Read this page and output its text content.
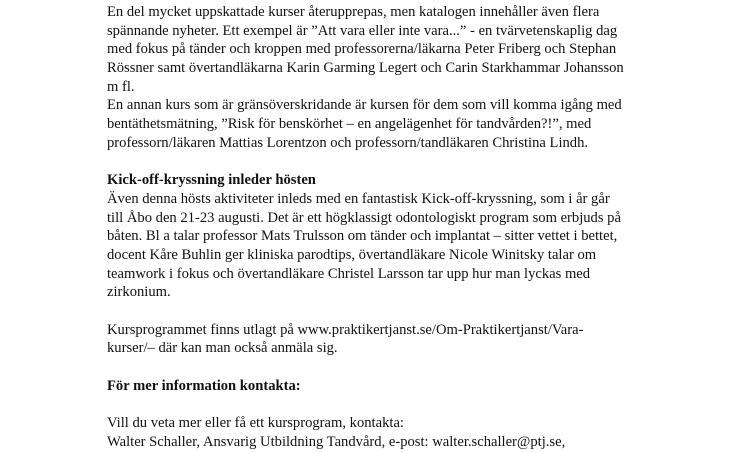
En del mycket uppskattade kurser återupprepas, men katalogen innehåller även flera
spännande nyheter. Ett exempel är ”Att vara eller inte vara...” - en tvärvetenskaplig dag
med fokus på tänder och kroppen med professorerna/läkarna Peter Friberg och Stephan
Rössner samt övertandläkarna Karin Garming Legert och Carin Starkhammar Johansson
m fl.
En annan kurs som är gränsöverskridande är kursen för dem som vill komma igång med
bentäthetsmätning, ”Risk för benskörhet – en angelägenhet för tandvården?!”, med
professorn/läkaren Mattias Lorentzon och professorn/tandläkaren Christina Lindh.
Kick-off-kryssning inleder hösten
Även denna hösts aktiviteter inleds med en fantastisk Kick-off-kryssning, som i år går
till Åbo den 21-23 augusti. Det är ett högklassigt odontologiskt program som erbjuds på
båten. Bl a talar professor Mats Trulsson om tänder och implantat – sitter vettet i bettet,
docent Kåre Buhlin ger kliniska parodtips, övertandläkare Nicole Winitsky talar om
teamwork i fokus och övertandläkare Christel Larsson tar upp hur man lyckas med
zirkonium.
Kursprogrammet finns utlagt på www.praktikertjanst.se/Om-Praktikertjanst/Vara-
kurser/– där kan man också anmäla sig.
För mer information kontakta:
Vill du veta mer eller få ett kursprogram, kontakta:
Walter Schaller, Ansvarig Utbildning Tandvård, e-post: walter.schaller@ptj.se,
